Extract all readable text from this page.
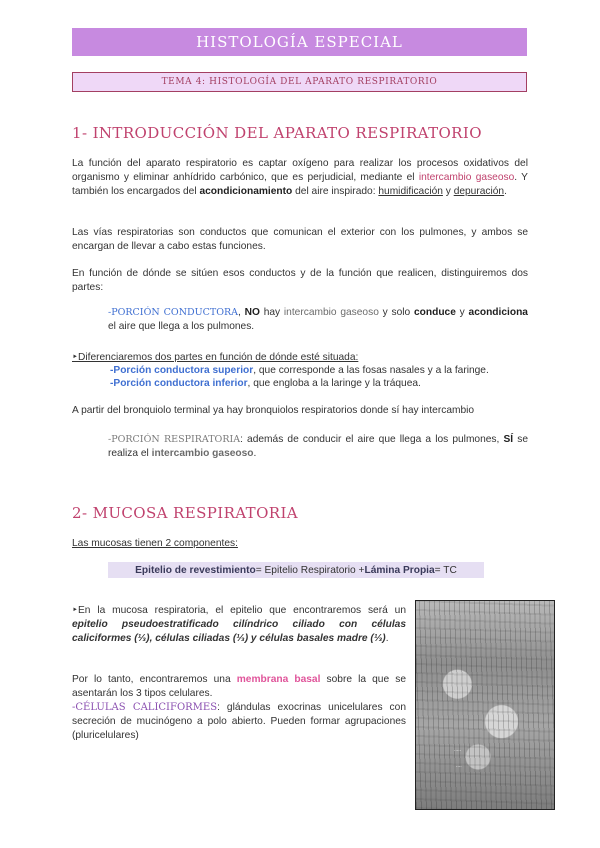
HISTOLOGÍA ESPECIAL
TEMA 4: HISTOLOGÍA DEL APARATO RESPIRATORIO
1- INTRODUCCIÓN DEL APARATO RESPIRATORIO
La función del aparato respiratorio es captar oxígeno para realizar los procesos oxidativos del organismo y eliminar anhídrido carbónico, que es perjudicial, mediante el intercambio gaseoso. Y también los encargados del acondicionamiento del aire inspirado: humidificación y depuración.
Las vías respiratorias son conductos que comunican el exterior con los pulmones, y ambos se encargan de llevar a cabo estas funciones.
En función de dónde se sitúen esos conductos y de la función que realicen, distinguiremos dos partes:
-PORCIÓN CONDUCTORA, NO hay intercambio gaseoso y solo conduce y acondiciona el aire que llega a los pulmones.
‣Diferenciaremos dos partes en función de dónde esté situada:
-Porción conductora superior, que corresponde a las fosas nasales y a la faringe.
-Porción conductora inferior, que engloba a la laringe y la tráquea.
A partir del bronquiolo terminal ya hay bronquiolos respiratorios donde sí hay intercambio
-PORCIÓN RESPIRATORIA: además de conducir el aire que llega a los pulmones, SÍ se realiza el intercambio gaseoso.
2- MUCOSA RESPIRATORIA
Las mucosas tienen 2 componentes:
Epitelio de revestimiento = Epitelio Respiratorio + Lámina Propia = TC
‣En la mucosa respiratoria, el epitelio que encontraremos será un epitelio pseudoestratificado cilíndrico ciliado con células caliciformes (⅓), células ciliadas (⅓) y células basales madre (⅓).
Por lo tanto, encontraremos una membrana basal sobre la que se asentarán los 3 tipos celulares.
-CÉLULAS CALICIFORMES: glándulas exocrinas unicelulares con secreción de mucinógeno a polo abierto. Pueden formar agrupaciones (pluricelulares)
·····
····
